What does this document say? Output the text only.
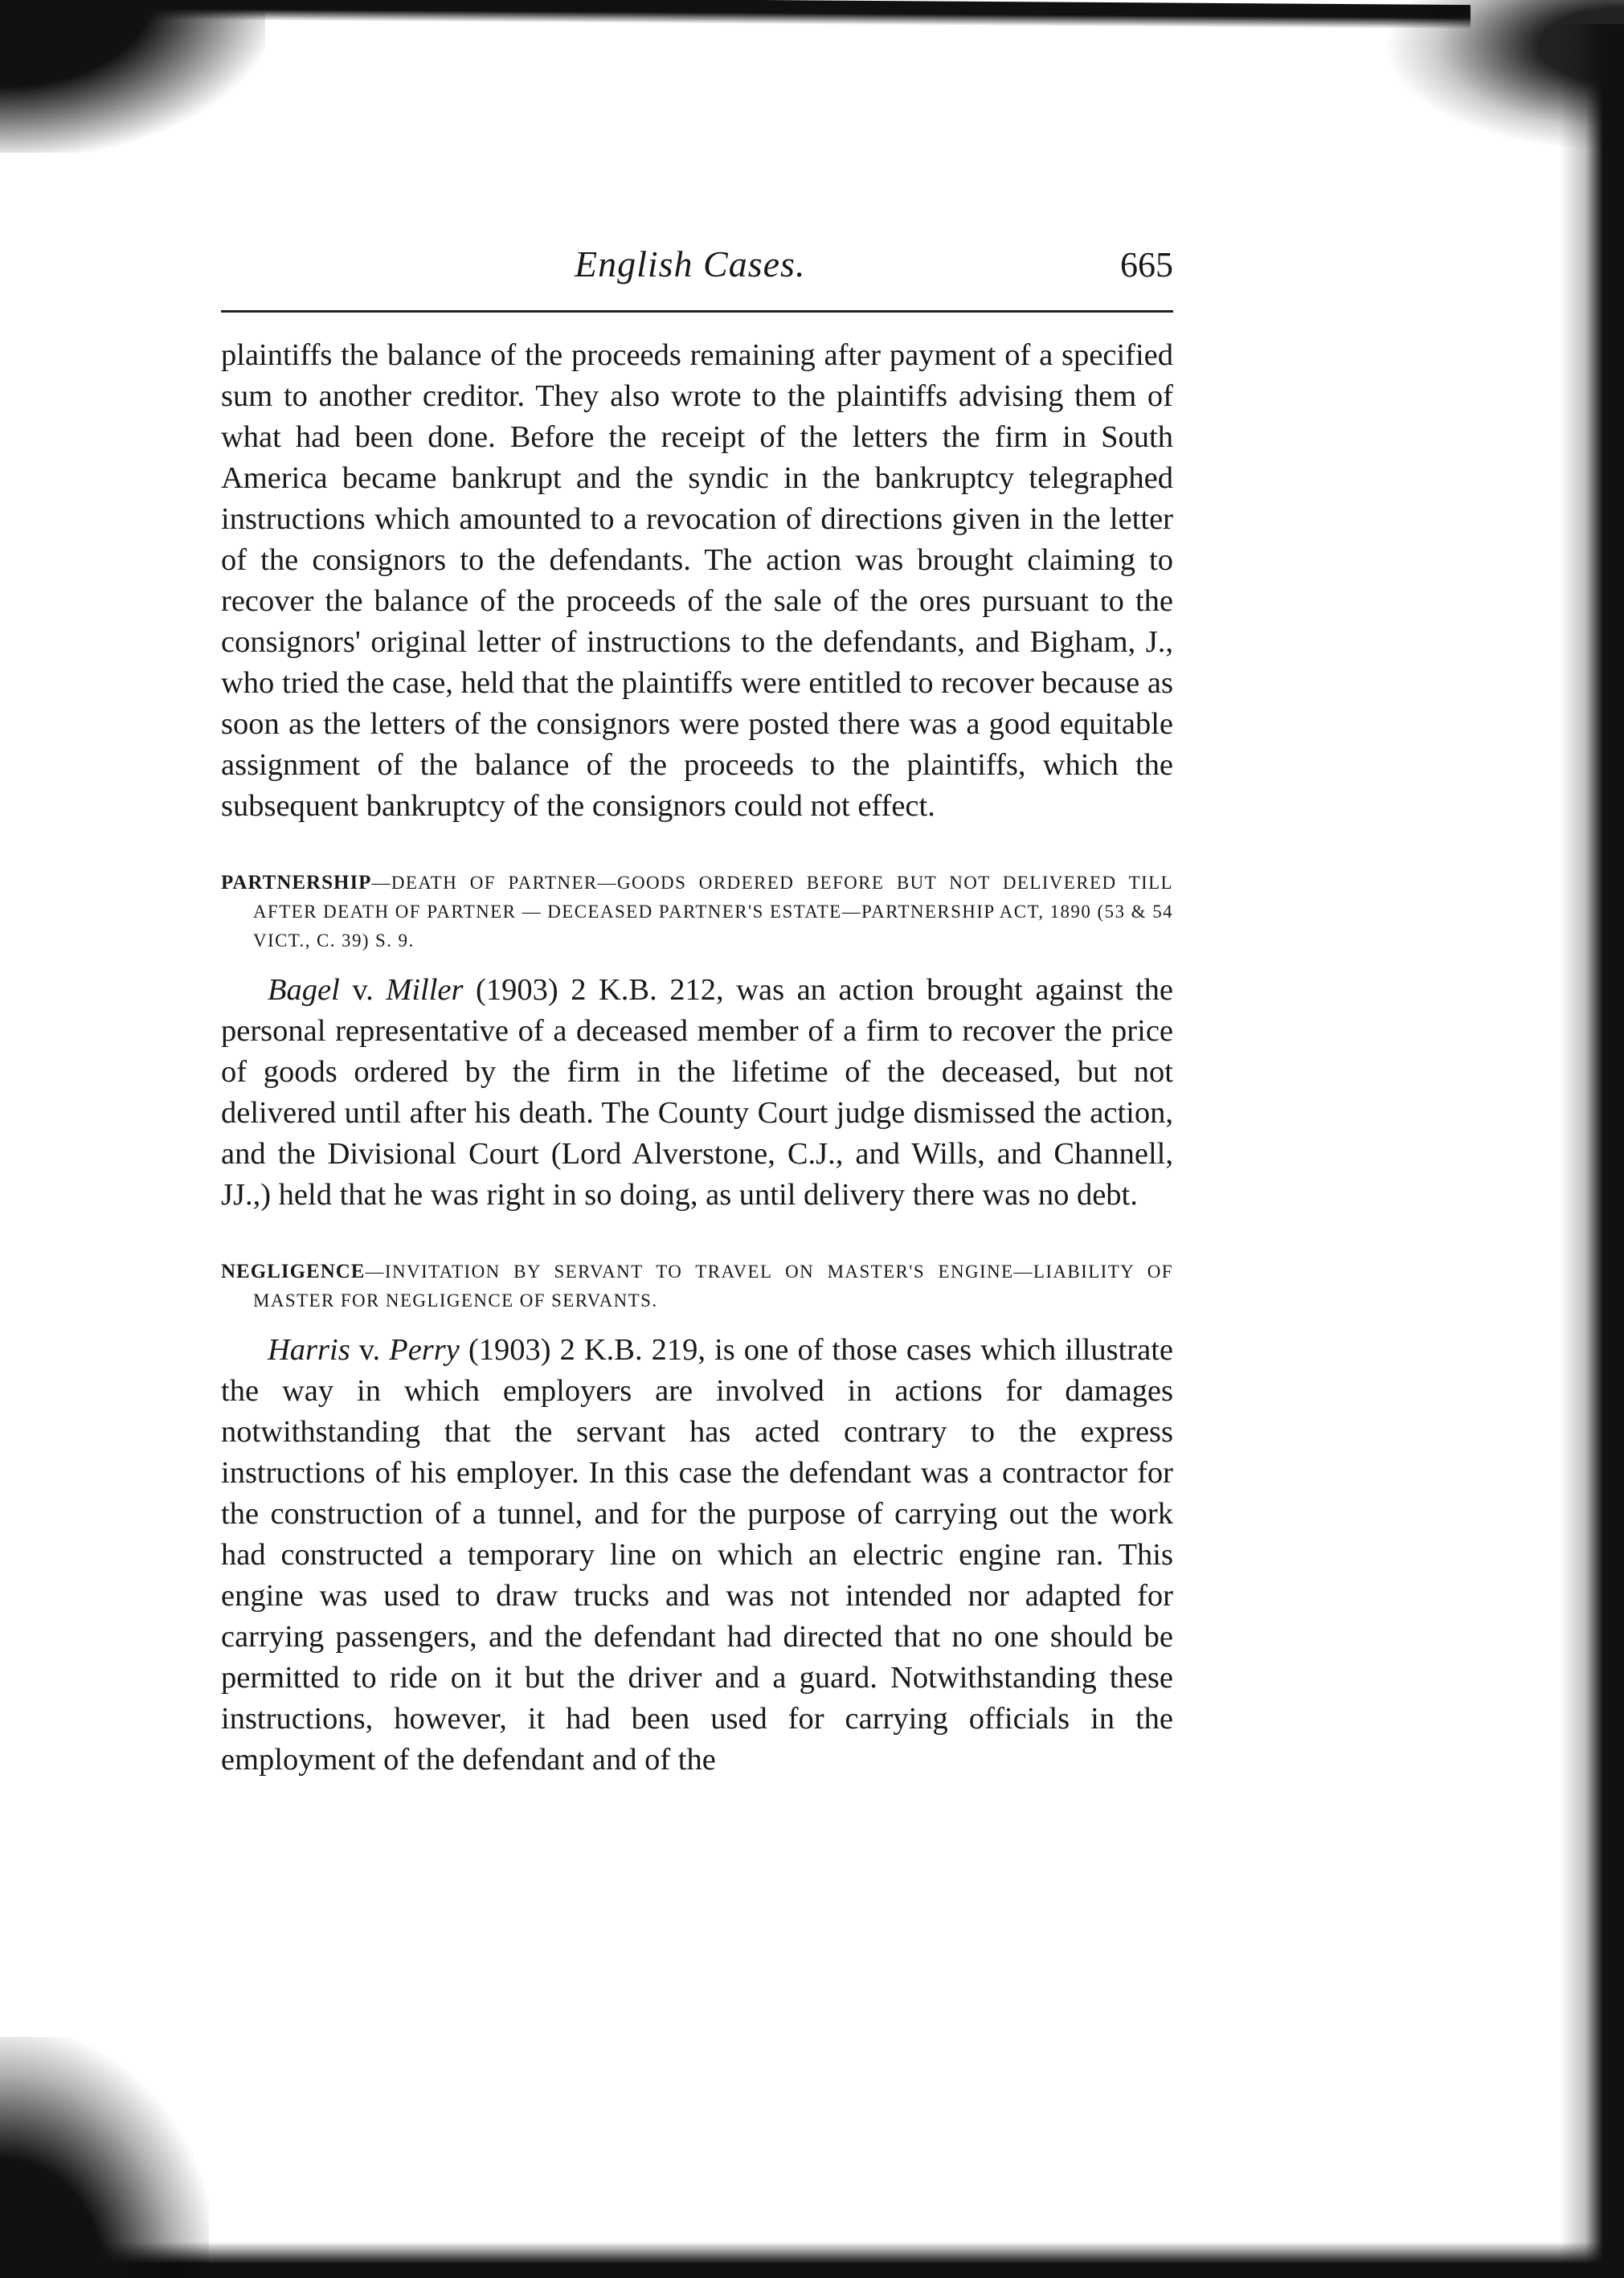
English Cases.	665

plaintiffs the balance of the proceeds remaining after payment of a specified sum to another creditor. They also wrote to the plaintiffs advising them of what had been done. Before the receipt of the letters the firm in South America became bankrupt and the syndic in the bankruptcy telegraphed instructions which amounted to a revocation of directions given in the letter of the consignors to the defendants. The action was brought claiming to recover the balance of the proceeds of the sale of the ores pursuant to the consignors' original letter of instructions to the defendants, and Bigham, J., who tried the case, held that the plaintiffs were entitled to recover because as soon as the letters of the consignors were posted there was a good equitable assignment of the balance of the proceeds to the plaintiffs, which the subsequent bankruptcy of the consignors could not effect.

PARTNERSHIP—DEATH OF PARTNER—GOODS ORDERED BEFORE BUT NOT DELIVERED TILL AFTER DEATH OF PARTNER — DECEASED PARTNER'S ESTATE—PARTNERSHIP ACT, 1890 (53 & 54 VICT., C. 39) S. 9.

Bagel v. Miller (1903) 2 K.B. 212, was an action brought against the personal representative of a deceased member of a firm to recover the price of goods ordered by the firm in the lifetime of the deceased, but not delivered until after his death. The County Court judge dismissed the action, and the Divisional Court (Lord Alverstone, C.J., and Wills, and Channell, JJ.,) held that he was right in so doing, as until delivery there was no debt.

NEGLIGENCE—INVITATION BY SERVANT TO TRAVEL ON MASTER'S ENGINE—LIABILITY OF MASTER FOR NEGLIGENCE OF SERVANTS.

Harris v. Perry (1903) 2 K.B. 219, is one of those cases which illustrate the way in which employers are involved in actions for damages notwithstanding that the servant has acted contrary to the express instructions of his employer. In this case the defendant was a contractor for the construction of a tunnel, and for the purpose of carrying out the work had constructed a temporary line on which an electric engine ran. This engine was used to draw trucks and was not intended nor adapted for carrying passengers, and the defendant had directed that no one should be permitted to ride on it but the driver and a guard. Notwithstanding these instructions, however, it had been used for carrying officials in the employment of the defendant and of the
